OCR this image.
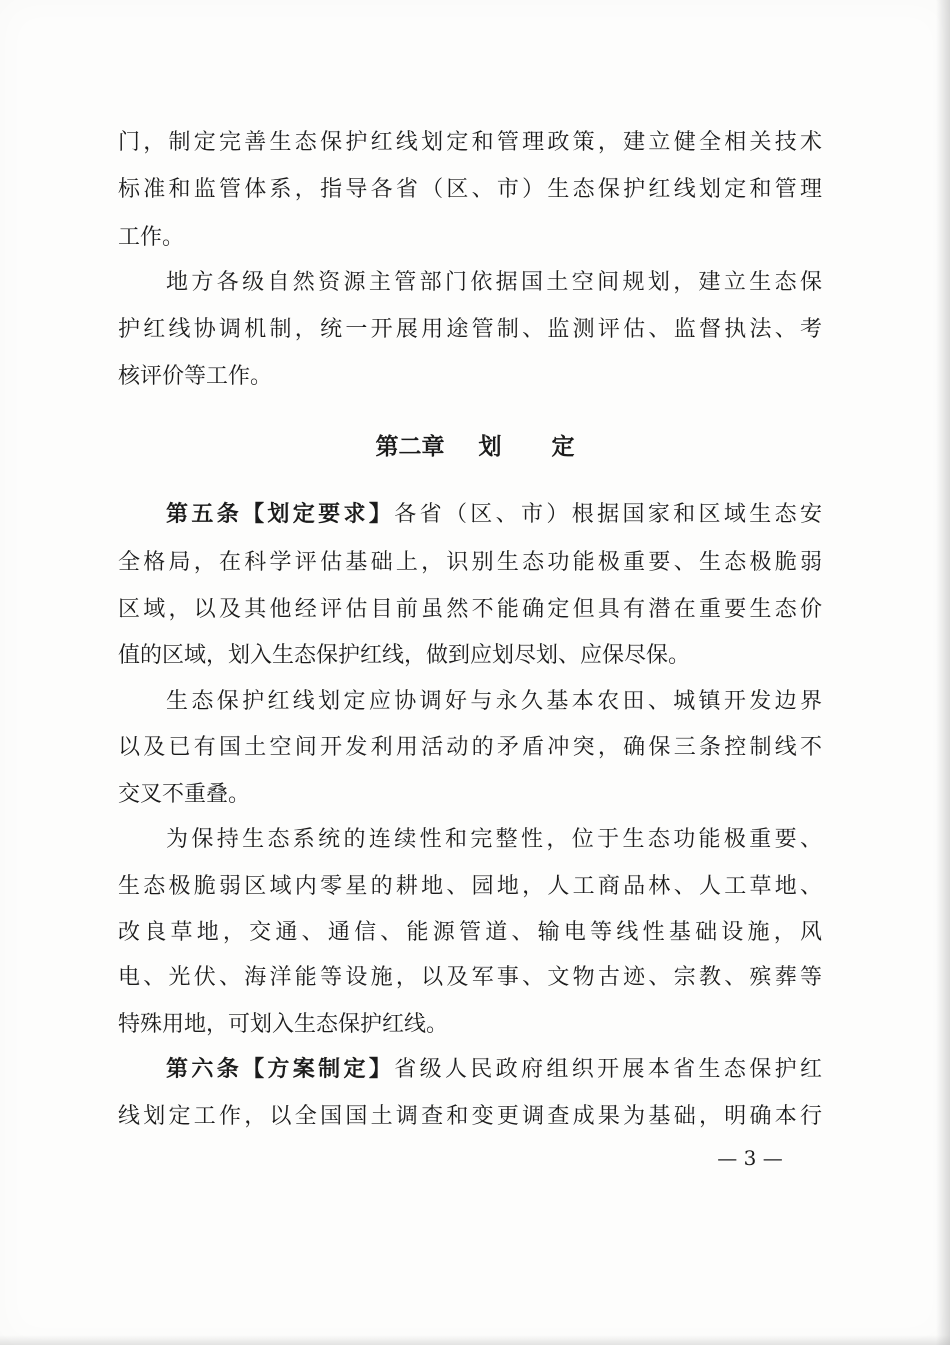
门，制定完善生态保护红线划定和管理政策，建立健全相关技术
标准和监管体系，指导各省（区、市）生态保护红线划定和管理
工作。
地方各级自然资源主管部门依据国土空间规划，建立生态保
护红线协调机制，统一开展用途管制、监测评估、监督执法、考
核评价等工作。
第二章 划 定
第五条【划定要求】各省（区、市）根据国家和区域生态安
全格局，在科学评估基础上，识别生态功能极重要、生态极脆弱
区域，以及其他经评估目前虽然不能确定但具有潜在重要生态价
值的区域，划入生态保护红线，做到应划尽划、应保尽保。
生态保护红线划定应协调好与永久基本农田、城镇开发边界
以及已有国土空间开发利用活动的矛盾冲突，确保三条控制线不
交叉不重叠。
为保持生态系统的连续性和完整性，位于生态功能极重要、
生态极脆弱区域内零星的耕地、园地，人工商品林、人工草地、
改良草地，交通、通信、能源管道、输电等线性基础设施，风
电、光伏、海洋能等设施，以及军事、文物古迹、宗教、殡葬等
特殊用地，可划入生态保护红线。
第六条【方案制定】省级人民政府组织开展本省生态保护红
线划定工作，以全国国土调查和变更调查成果为基础，明确本行
— 3 —
